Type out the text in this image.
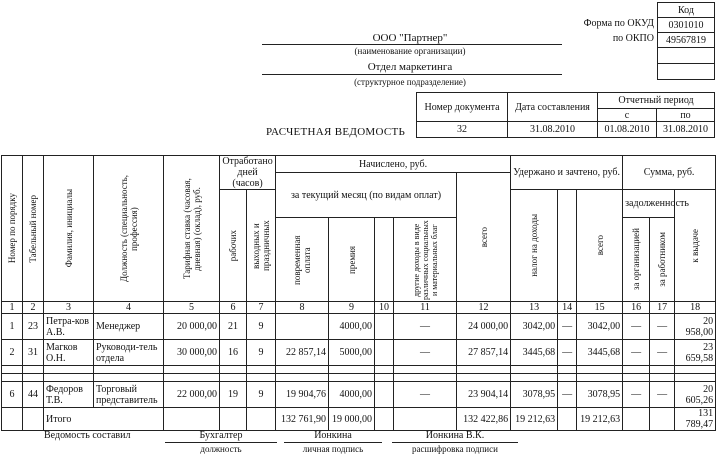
Код
Форма по ОКУД 0301010
по ОКПО 49567819
ООО "Партнер"
(наименование организации)
Отдел маркетинга
(структурное подразделение)
РАСЧЕТНАЯ ВЕДОМОСТЬ
Номер документа Дата составления
32	31.08.2010
Отчетный период
с	по
01.08.2010 31.08.2010
Номер по порядку	Табельный номер	Фамилия, инициалы	Должность (специальность, профессия)	Тарифная ставка (часовая, дневная) (оклад), руб.	Отработано дней (часов)		Начислено, руб.					Удержано и зачтено, руб.			Сумма, руб.		
							за текущий месяц (по видам оплат)				всего						

					рабочих	выходных и праздничных						налог на доходы		всего	задолженность		к выдаче

							повременная оплата	премия		другие доходы в виде различных социальных и материальных благ					за организацией	за работником	

1	2	3	4	5	6	7	8	9	10	11	12	13	14	15	16	17	18
1	23	Петра-ков А.В.	Менеджер	20 000,00	21	9		4000,00		—	24 000,00	3042,00	—	3042,00	—	—	20 958,00
2	31	Магков О.Н.	Руководи-тель отдела	30 000,00	16	9	22 857,14	5000,00		—	27 857,14	3445,68	—	3445,68	—	—	23 659,58

6	44	Федоров Т.В.	Торговый представитель	22 000,00	19	9	19 904,76	4000,00		—	23 904,14	3078,95	—	3078,95	—	—	20 605,26
		Итого					132 761,90	19 000,00			132 422,86	19 212,63		19 212,63			131 789,47
Ведомость составил	Бухгалтер
должность
Ионкина
личная подпись
Ионкина В.К.
расшифровка подписи
